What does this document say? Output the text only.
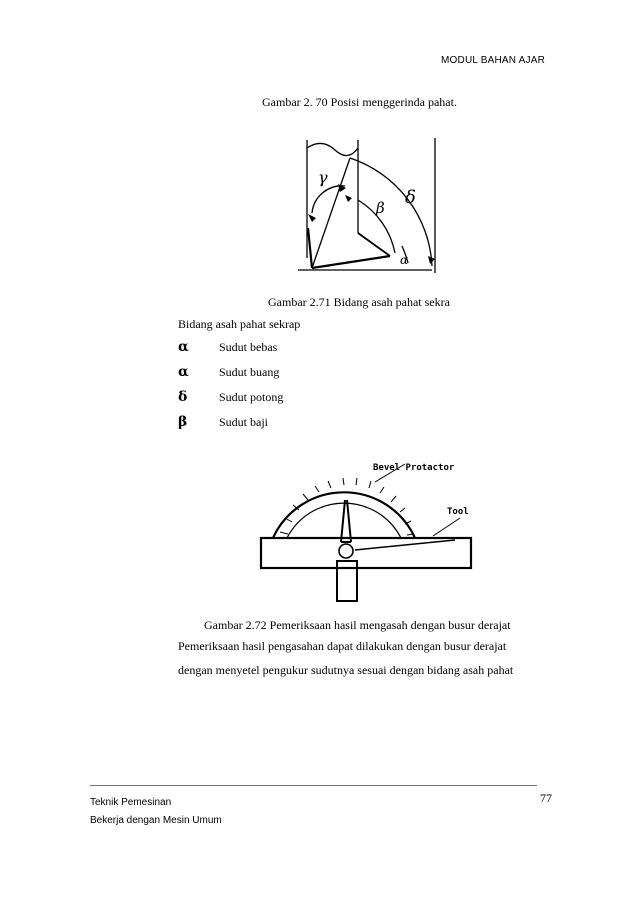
MODUL BAHAN AJAR
Gambar 2. 70 Posisi menggerinda pahat.
γ
β δ
α
Gambar 2.71 Bidang asah pahat sekra
Bidang asah pahat sekrap
α	Sudut bebas
α	Sudut buang
δ	Sudut potong
β	Sudut baji
Bevel Protactor
Tool
Gambar 2.72 Pemeriksaan hasil mengasah dengan busur derajat
Pemeriksaan hasil pengasahan dapat dilakukan dengan busur derajat
dengan menyetel pengukur sudutnya sesuai dengan bidang asah pahat
Teknik Pemesinan
Bekerja dengan Mesin Umum
77
